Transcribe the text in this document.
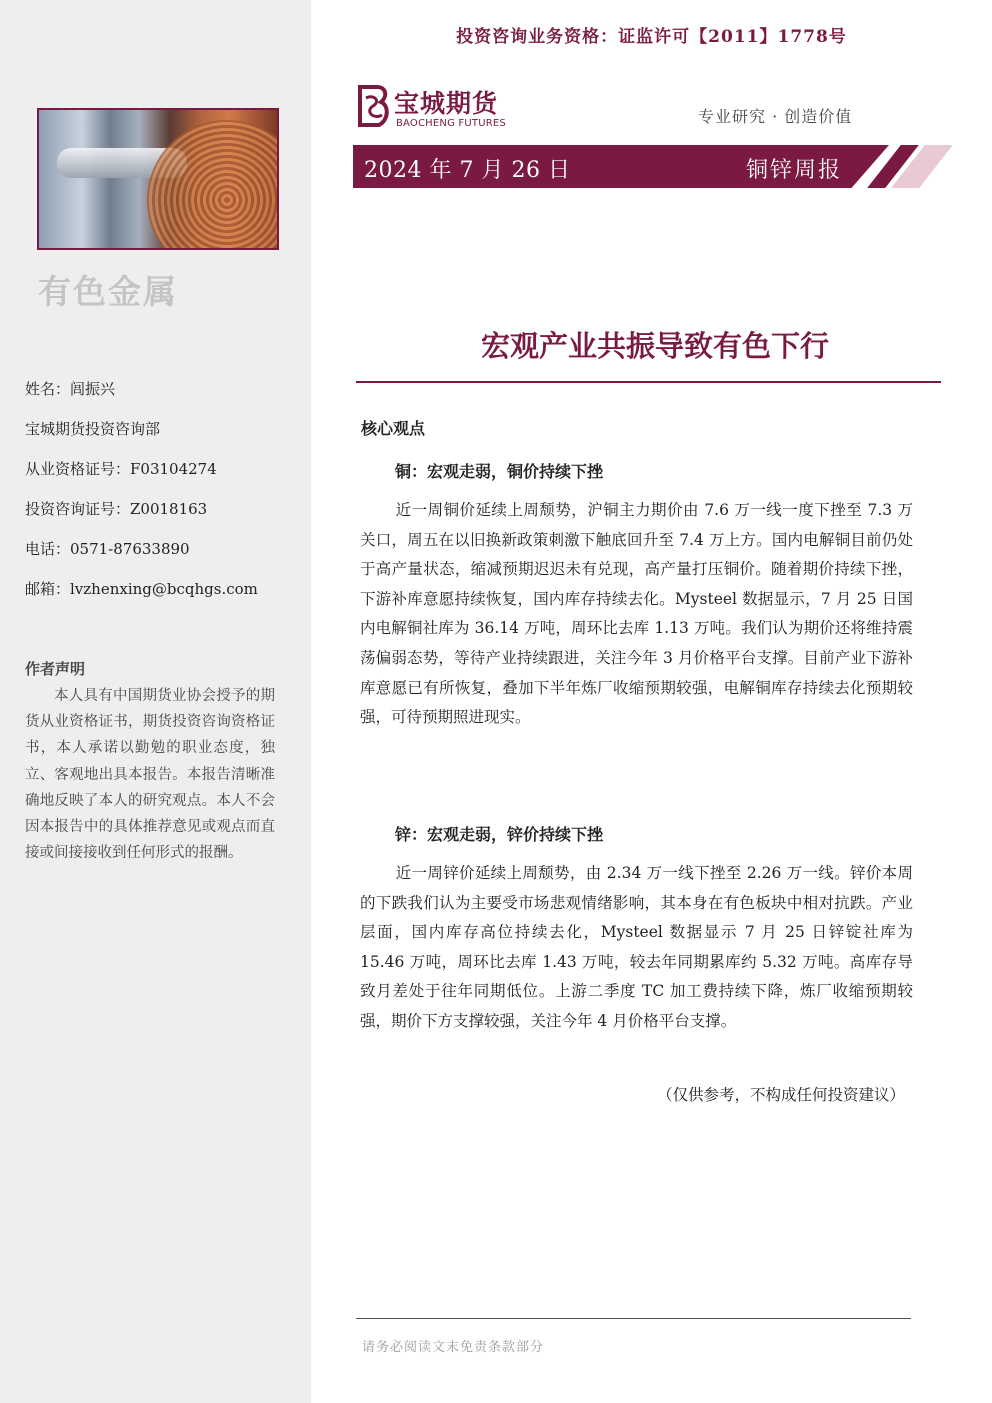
有色金属
姓名：闾振兴
宝城期货投资咨询部
从业资格证号：F03104274
投资咨询证号：Z0018163
电话：0571-87633890
邮箱：lvzhenxing@bcqhgs.com
作者声明
本人具有中国期货业协会授予的期货从业资格证书，期货投资咨询资格证书，本人承诺以勤勉的职业态度，独立、客观地出具本报告。本报告清晰准确地反映了本人的研究观点。本人不会因本报告中的具体推荐意见或观点而直接或间接接收到任何形式的报酬。
投资咨询业务资格：证监许可【2011】1778号
宝城期货
BAOCHENG FUTURES	专业研究 · 创造价值
2024 年 7 月 26 日	铜锌周报
宏观产业共振导致有色下行
核心观点
铜：宏观走弱，铜价持续下挫
近一周铜价延续上周颓势，沪铜主力期价由 7.6 万一线一度下挫至 7.3 万关口，周五在以旧换新政策刺激下触底回升至 7.4 万上方。国内电解铜目前仍处于高产量状态，缩减预期迟迟未有兑现，高产量打压铜价。随着期价持续下挫，下游补库意愿持续恢复，国内库存持续去化。Mysteel 数据显示，7 月 25 日国内电解铜社库为 36.14 万吨，周环比去库 1.13 万吨。我们认为期价还将维持震荡偏弱态势，等待产业持续跟进，关注今年 3 月价格平台支撑。目前产业下游补库意愿已有所恢复，叠加下半年炼厂收缩预期较强，电解铜库存持续去化预期较强，可待预期照进现实。
锌：宏观走弱，锌价持续下挫
近一周锌价延续上周颓势，由 2.34 万一线下挫至 2.26 万一线。锌价本周的下跌我们认为主要受市场悲观情绪影响，其本身在有色板块中相对抗跌。产业层面，国内库存高位持续去化，Mysteel 数据显示 7 月 25 日锌锭社库为 15.46 万吨，周环比去库 1.43 万吨，较去年同期累库约 5.32 万吨。高库存导致月差处于往年同期低位。上游二季度 TC 加工费持续下降，炼厂收缩预期较强，期价下方支撑较强，关注今年 4 月价格平台支撑。
（仅供参考，不构成任何投资建议）
请务必阅读文末免责条款部分
